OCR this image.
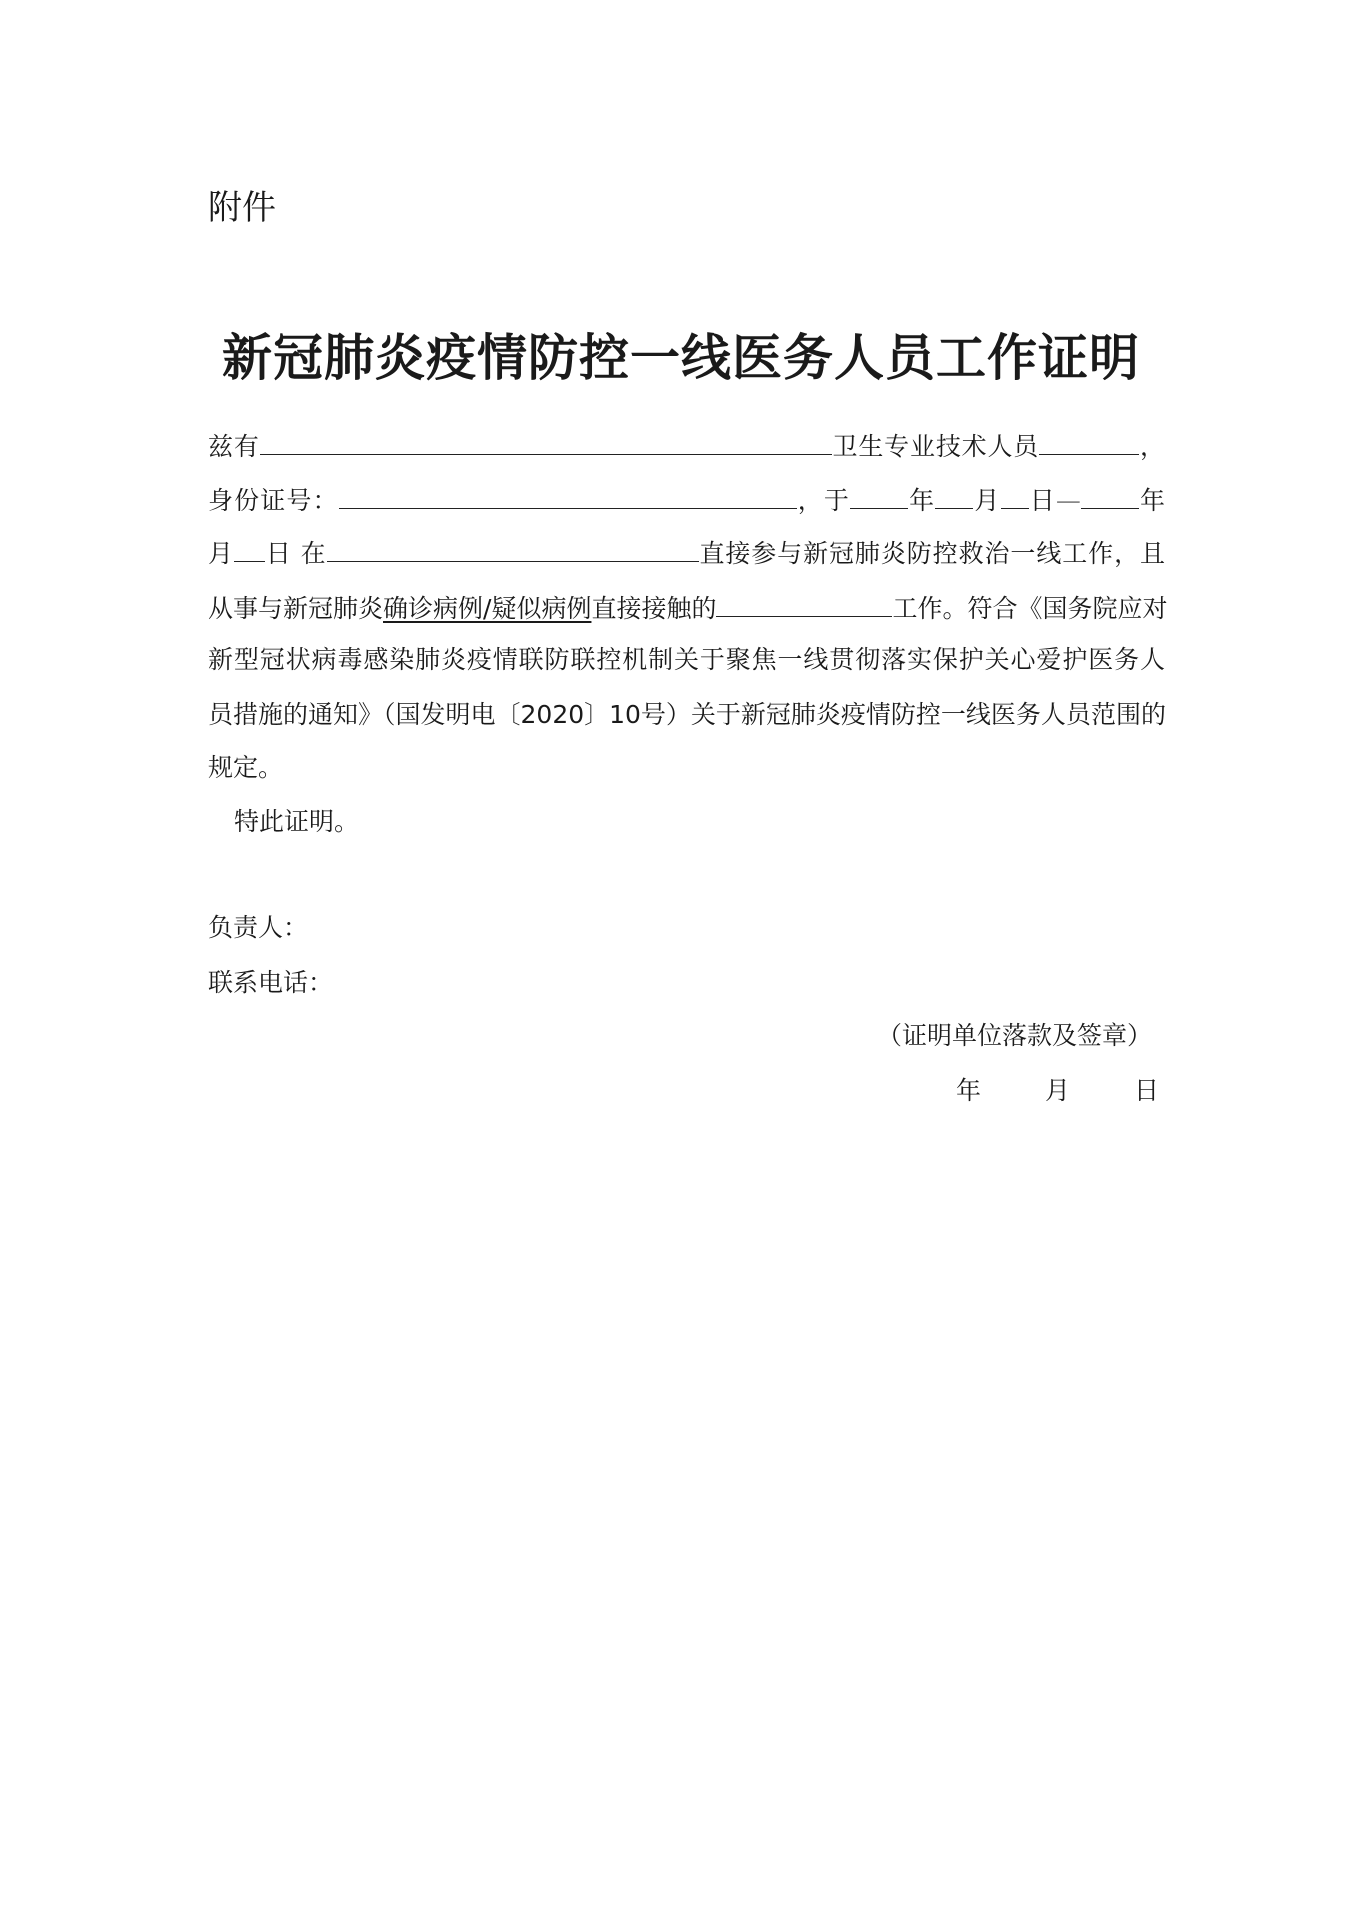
附件
新冠肺炎疫情防控一线医务人员工作证明
兹有	卫生专业技术人员	，
身份证号：	，于 年 月 日— 年
月 日 在	直接参与新冠肺炎防控救治一线工作，且
从事与新冠肺炎确诊病例/疑似病例直接接触的	工作。符合《国务院应对
新型冠状病毒感染肺炎疫情联防联控机制关于聚焦一线贯彻落实保护关心爱护医务人
员措施的通知》（国发明电〔2020〕10号）关于新冠肺炎疫情防控一线医务人员范围的
规定。
特此证明。
负责人：
联系电话：
（证明单位落款及签章）
年	月	日
